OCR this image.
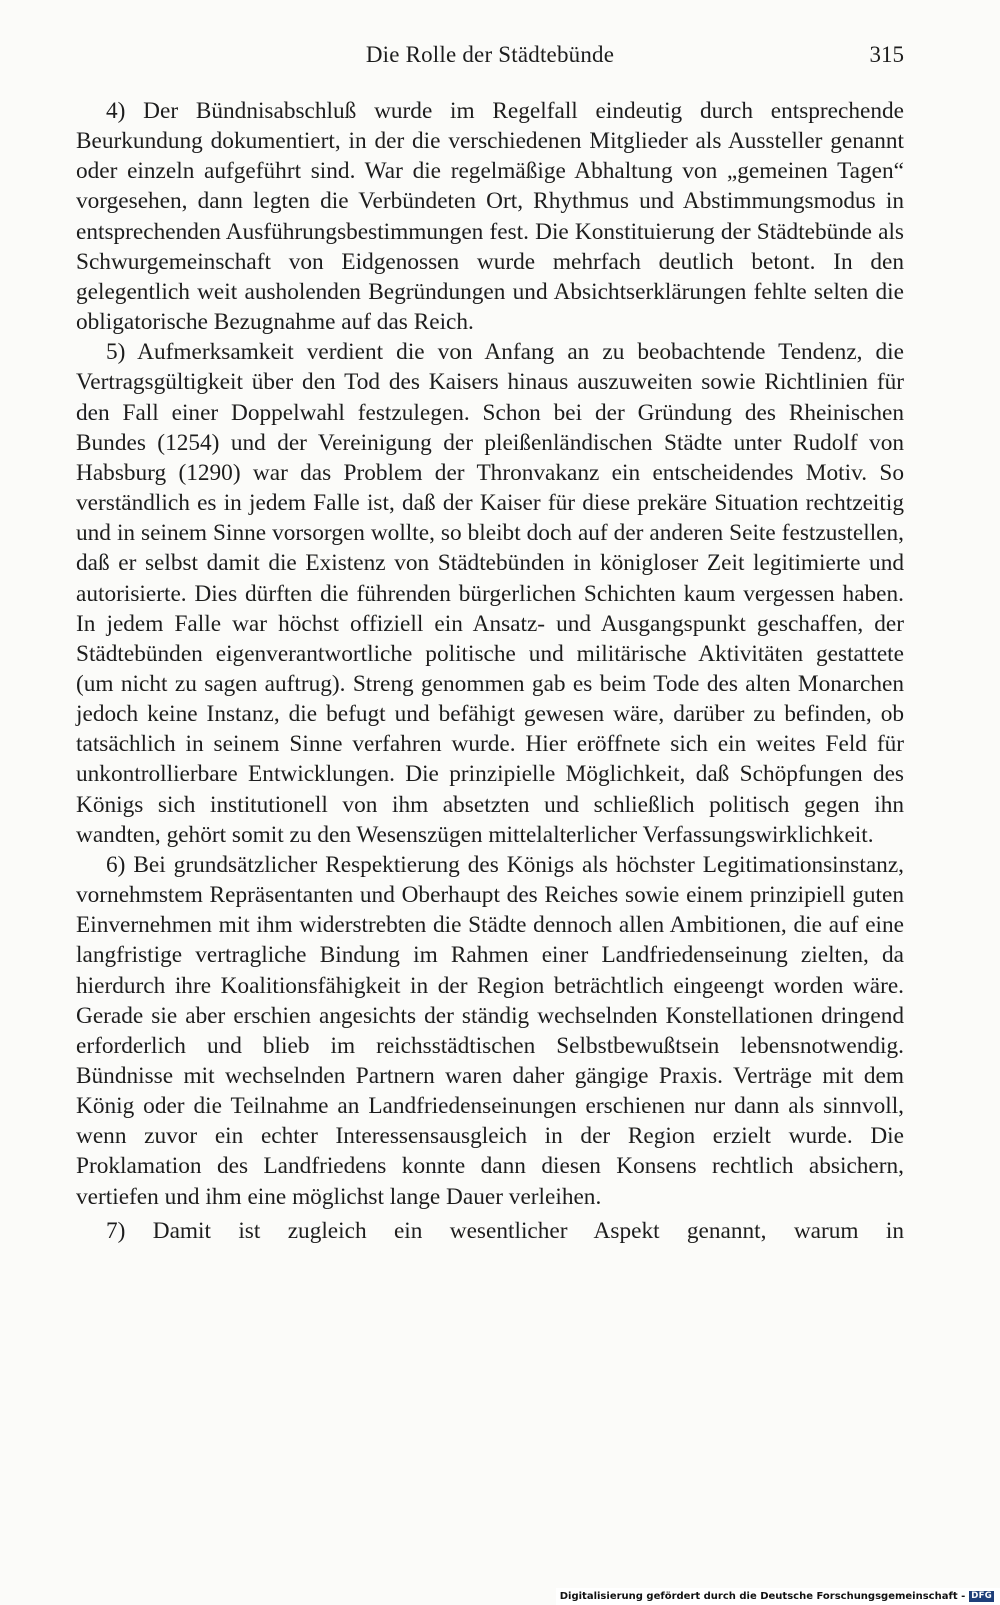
Die Rolle der Städtebünde	315

4) Der Bündnisabschluß wurde im Regelfall eindeutig durch entsprechende Beurkundung dokumentiert, in der die verschiedenen Mitglieder als Aussteller genannt oder einzeln aufgeführt sind. War die regelmäßige Abhaltung von „gemeinen Tagen“ vorgesehen, dann legten die Verbündeten Ort, Rhythmus und Abstimmungsmodus in entsprechenden Ausführungsbestimmungen fest. Die Konstituierung der Städtebünde als Schwurgemeinschaft von Eidgenossen wurde mehrfach deutlich betont. In den gelegentlich weit ausholenden Begründungen und Absichtserklärungen fehlte selten die obligatorische Bezugnahme auf das Reich.

5) Aufmerksamkeit verdient die von Anfang an zu beobachtende Tendenz, die Vertragsgültigkeit über den Tod des Kaisers hinaus auszuweiten sowie Richtlinien für den Fall einer Doppelwahl festzulegen. Schon bei der Gründung des Rheinischen Bundes (1254) und der Vereinigung der pleißenländischen Städte unter Rudolf von Habsburg (1290) war das Problem der Thronvakanz ein entscheidendes Motiv. So verständlich es in jedem Falle ist, daß der Kaiser für diese prekäre Situation rechtzeitig und in seinem Sinne vorsorgen wollte, so bleibt doch auf der anderen Seite festzustellen, daß er selbst damit die Existenz von Städtebünden in königloser Zeit legitimierte und autorisierte. Dies dürften die führenden bürgerlichen Schichten kaum vergessen haben. In jedem Falle war höchst offiziell ein Ansatz- und Ausgangspunkt geschaffen, der Städtebünden eigenverantwortliche politische und militärische Aktivitäten gestattete (um nicht zu sagen auftrug). Streng genommen gab es beim Tode des alten Monarchen jedoch keine Instanz, die befugt und befähigt gewesen wäre, darüber zu befinden, ob tatsächlich in seinem Sinne verfahren wurde. Hier eröffnete sich ein weites Feld für unkontrollierbare Entwicklungen. Die prinzipielle Möglichkeit, daß Schöpfungen des Königs sich institutionell von ihm absetzten und schließlich politisch gegen ihn wandten, gehört somit zu den Wesenszügen mittelalterlicher Verfassungswirklichkeit.

6) Bei grundsätzlicher Respektierung des Königs als höchster Legitimationsinstanz, vornehmstem Repräsentanten und Oberhaupt des Reiches sowie einem prinzipiell guten Einvernehmen mit ihm widerstrebten die Städte dennoch allen Ambitionen, die auf eine langfristige vertragliche Bindung im Rahmen einer Landfriedenseinung zielten, da hierdurch ihre Koalitionsfähigkeit in der Region beträchtlich eingeengt worden wäre. Gerade sie aber erschien angesichts der ständig wechselnden Konstellationen dringend erforderlich und blieb im reichsstädtischen Selbstbewußtsein lebensnotwendig. Bündnisse mit wechselnden Partnern waren daher gängige Praxis. Verträge mit dem König oder die Teilnahme an Landfriedenseinungen erschienen nur dann als sinnvoll, wenn zuvor ein echter Interessensausgleich in der Region erzielt wurde. Die Proklamation des Landfriedens konnte dann diesen Konsens rechtlich absichern, vertiefen und ihm eine möglichst lange Dauer verleihen.

7) Damit ist zugleich ein wesentlicher Aspekt genannt, warum in

Digitalisierung gefördert durch die Deutsche Forschungsgemeinschaft - DFG
